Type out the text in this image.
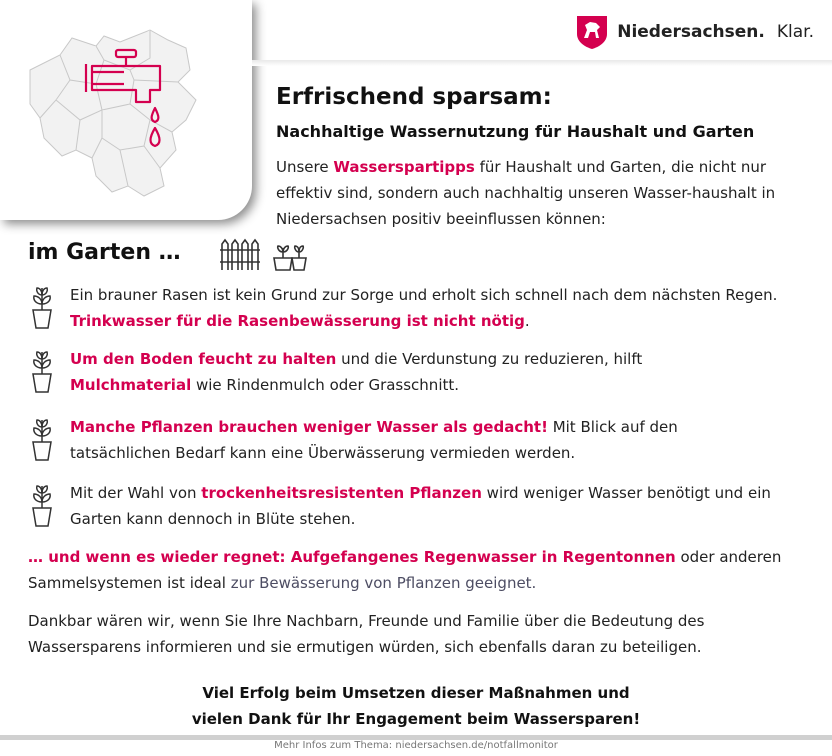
Niedersachsen. Klar.
Erfrischend sparsam:
Nachhaltige Wassernutzung für Haushalt und Garten
Unsere Wasserspartipps für Haushalt und Garten, die nicht nur effektiv sind, sondern auch nachhaltig unseren Wasser-haushalt in Niedersachsen positiv beeinflussen können:
im Garten …
Ein brauner Rasen ist kein Grund zur Sorge und erholt sich schnell nach dem nächsten Regen. Trinkwasser für die Rasenbewässerung ist nicht nötig.
Um den Boden feucht zu halten und die Verdunstung zu reduzieren, hilft Mulchmaterial wie Rindenmulch oder Grasschnitt.
Manche Pflanzen brauchen weniger Wasser als gedacht! Mit Blick auf den tatsächlichen Bedarf kann eine Überwässerung vermieden werden.
Mit der Wahl von trockenheitsresistenten Pflanzen wird weniger Wasser benötigt und ein Garten kann dennoch in Blüte stehen.
… und wenn es wieder regnet: Aufgefangenes Regenwasser in Regentonnen oder anderen Sammelsystemen ist ideal zur Bewässerung von Pflanzen geeignet.
Dankbar wären wir, wenn Sie Ihre Nachbarn, Freunde und Familie über die Bedeutung des Wassersparens informieren und sie ermutigen würden, sich ebenfalls daran zu beteiligen.
Viel Erfolg beim Umsetzen dieser Maßnahmen und
vielen Dank für Ihr Engagement beim Wassersparen!
Mehr Infos zum Thema: niedersachsen.de/notfallmonitor
